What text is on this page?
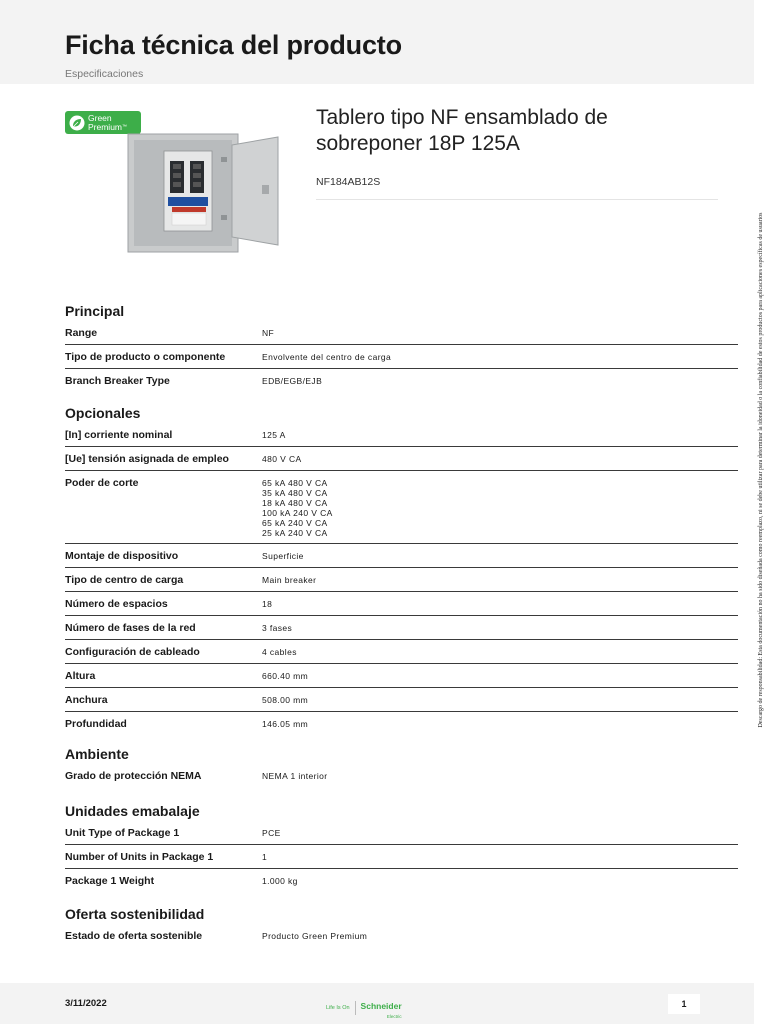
Ficha técnica del producto
Especificaciones
Green
Premium™	Tablero tipo NF ensamblado de sobreponer 18P 125A
NF184AB12S
Descargo de responsabilidad: Esta documentación no ha sido diseñada como reemplazo, ni se debe utilizar para determinar la idoneidad o la confiabilidad de estos productos para aplicaciones específicas de usuarios
Principal
Range	NF
Tipo de producto o componente	Envolvente del centro de carga
Branch Breaker Type	EDB/EGB/EJB
Opcionales
[In] corriente nominal	125 A
[Ue] tensión asignada de empleo	480 V CA
Poder de corte	65 kA 480 V CA
35 kA 480 V CA
18 kA 480 V CA
100 kA 240 V CA
65 kA 240 V CA
25 kA 240 V CA
Montaje de dispositivo	Superficie
Tipo de centro de carga	Main breaker
Número de espacios	18
Número de fases de la red	3 fases
Configuración de cableado	4 cables
Altura	660.40 mm
Anchura	508.00 mm
Profundidad	146.05 mm
Ambiente
Grado de protección NEMA	NEMA 1 interior
Unidades emabalaje
Unit Type of Package 1	PCE
Number of Units in Package 1	1
Package 1 Weight	1.000 kg
Oferta sostenibilidad
Estado de oferta sostenible	Producto Green Premium
3/11/2022	Life Is On Schneider
Electric
1
